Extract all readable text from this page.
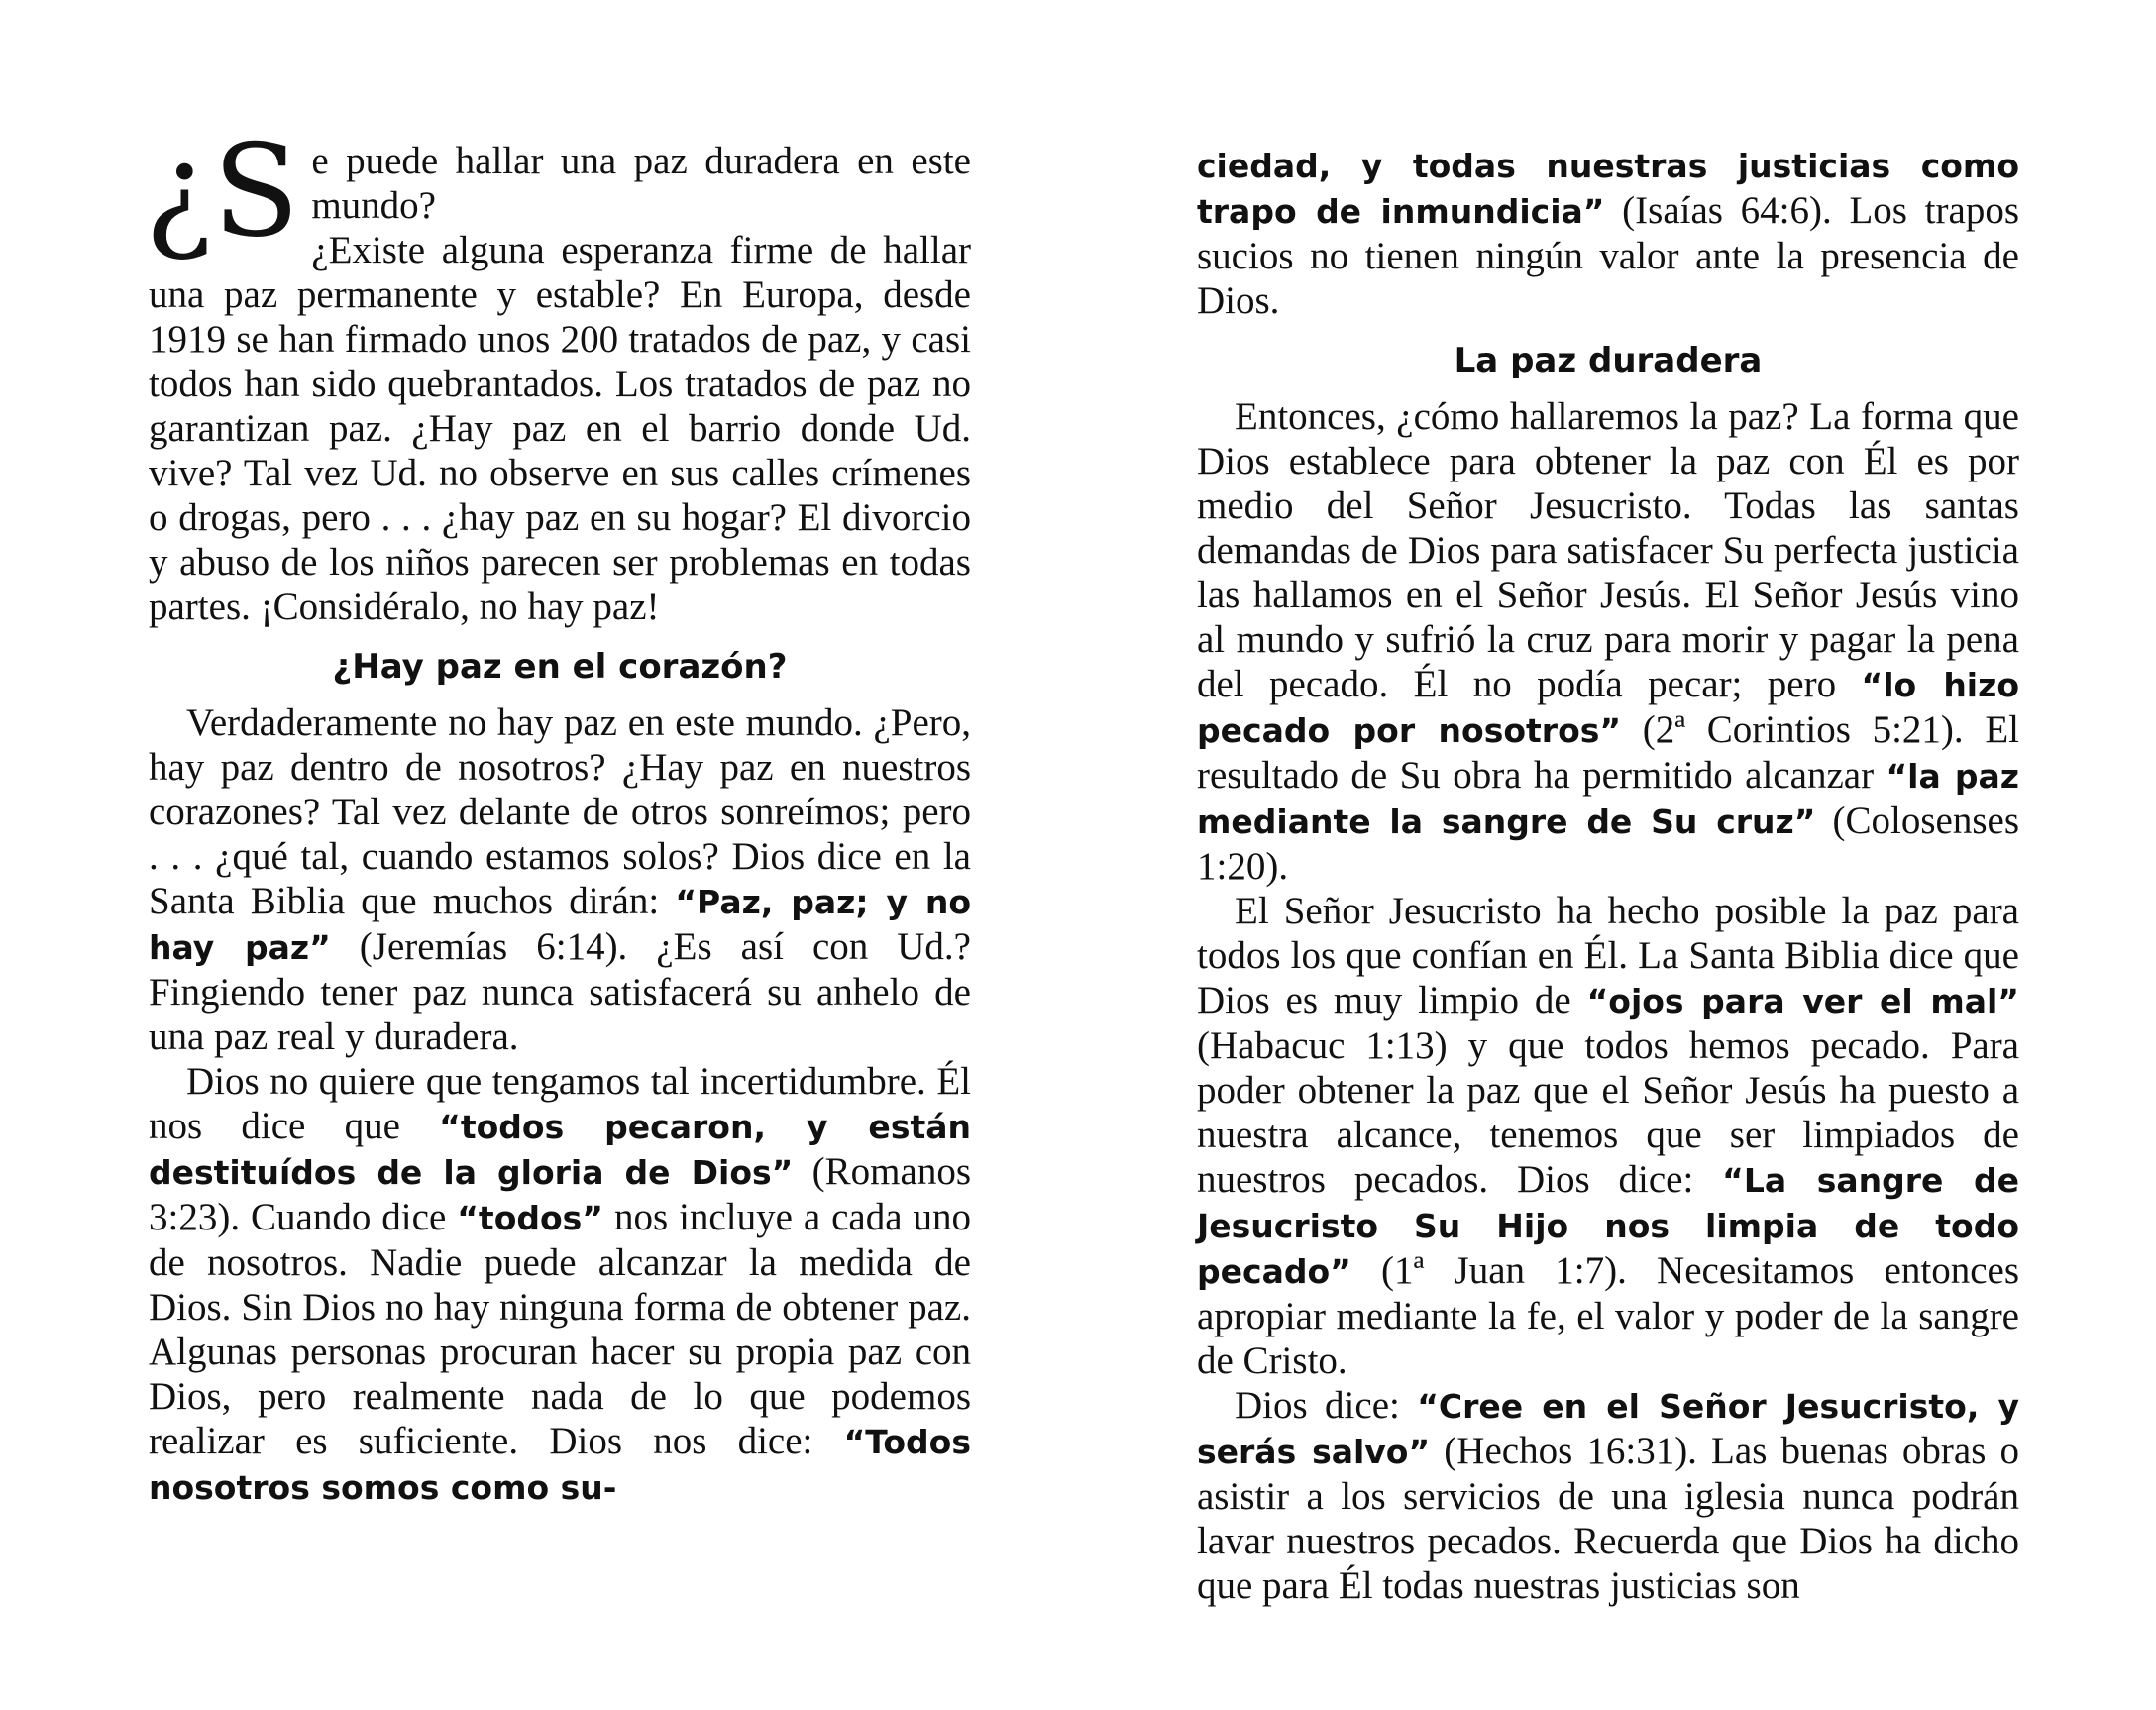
¿S e puede hallar una paz duradera en este mundo?
¿Existe alguna esperanza firme de hallar una paz permanente y estable? En Europa, desde 1919 se han firmado unos 200 tratados de paz, y casi todos han sido quebrantados. Los tratados de paz no garantizan paz. ¿Hay paz en el barrio donde Ud. vive? Tal vez Ud. no observe en sus calles crímenes o drogas, pero . . . ¿hay paz en su hogar? El divorcio y abuso de los niños parecen ser problemas en todas partes. ¡Considéralo, no hay paz!

¿Hay paz en el corazón?

Verdaderamente no hay paz en este mundo. ¿Pero, hay paz dentro de nosotros? ¿Hay paz en nuestros corazones? Tal vez delante de otros sonreímos; pero . . . ¿qué tal, cuando estamos solos? Dios dice en la Santa Biblia que muchos dirán: “Paz, paz; y no hay paz” (Jeremías 6:14). ¿Es así con Ud.? Fingiendo tener paz nunca satisfacerá su anhelo de una paz real y duradera.

Dios no quiere que tengamos tal incertidumbre. Él nos dice que “todos pecaron, y están destituídos de la gloria de Dios” (Romanos 3:23). Cuando dice “todos” nos incluye a cada uno de nosotros. Nadie puede alcanzar la medida de Dios. Sin Dios no hay ninguna forma de obtener paz. Algunas personas procuran hacer su propia paz con Dios, pero realmente nada de lo que podemos realizar es suficiente. Dios nos dice: “Todos nosotros somos como su-

ciedad, y todas nuestras justicias como trapo de inmundicia” (Isaías 64:6). Los trapos sucios no tienen ningún valor ante la presencia de Dios.

La paz duradera

Entonces, ¿cómo hallaremos la paz? La forma que Dios establece para obtener la paz con Él es por medio del Señor Jesucristo. Todas las santas demandas de Dios para satisfacer Su perfecta justicia las hallamos en el Señor Jesús. El Señor Jesús vino al mundo y sufrió la cruz para morir y pagar la pena del pecado. Él no podía pecar; pero “lo hizo pecado por nosotros” (2ª Corintios 5:21). El resultado de Su obra ha permitido alcanzar “la paz mediante la sangre de Su cruz” (Colosenses 1:20).

El Señor Jesucristo ha hecho posible la paz para todos los que confían en Él. La Santa Biblia dice que Dios es muy limpio de “ojos para ver el mal” (Habacuc 1:13) y que todos hemos pecado. Para poder obtener la paz que el Señor Jesús ha puesto a nuestra alcance, tenemos que ser limpiados de nuestros pecados. Dios dice: “La sangre de Jesucristo Su Hijo nos limpia de todo pecado” (1ª Juan 1:7). Necesitamos entonces apropiar mediante la fe, el valor y poder de la sangre de Cristo.

Dios dice: “Cree en el Señor Jesucristo, y serás salvo” (Hechos 16:31). Las buenas obras o asistir a los servicios de una iglesia nunca podrán lavar nuestros pecados. Recuerda que Dios ha dicho que para Él todas nuestras justicias son
